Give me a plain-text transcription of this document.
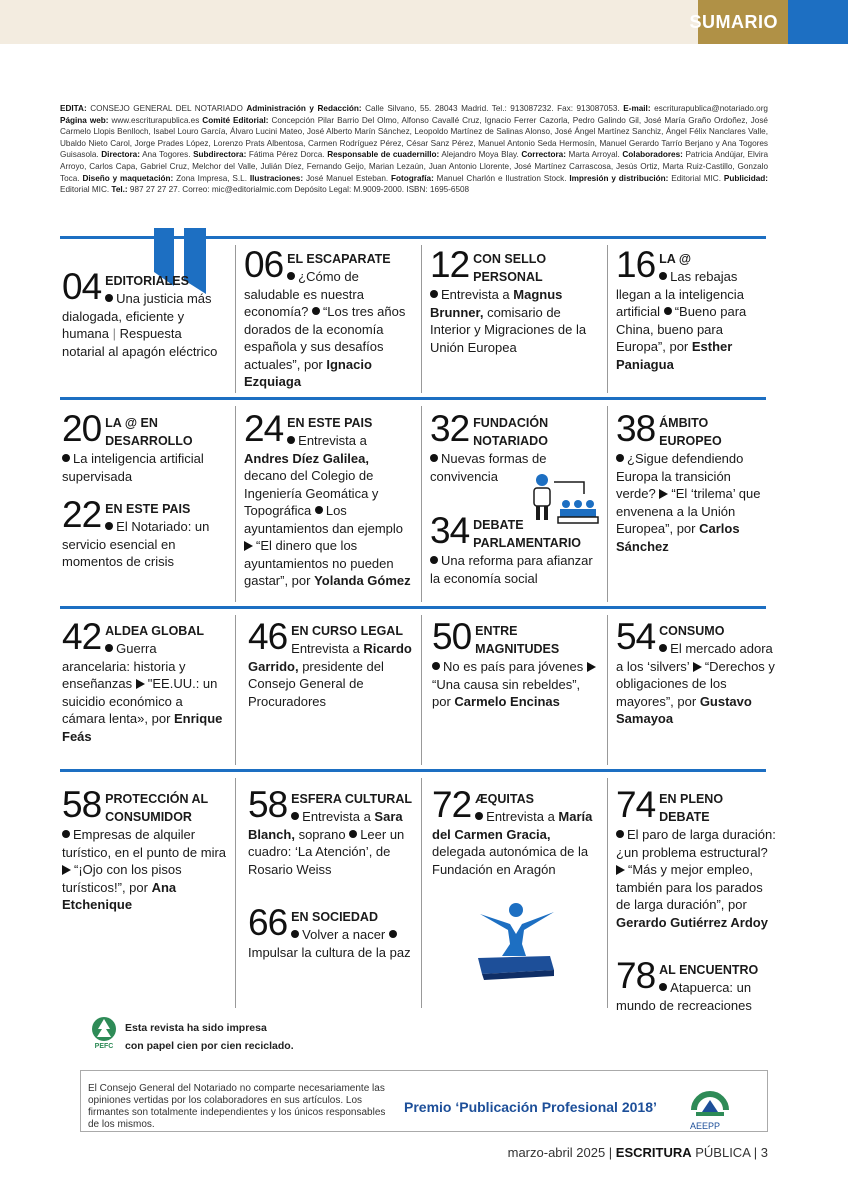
SUMARIO
EDITA: CONSEJO GENERAL DEL NOTARIADO Administración y Redacción: Calle Silvano, 55. 28043 Madrid. Tel.: 913087232. Fax: 913087053. E-mail: escriturapublica@notariado.org Página web: www.escriturapublica.es Comité Editorial: Concepción Pilar Barrio Del Olmo, Alfonso Cavallé Cruz, Ignacio Ferrer Cazorla, Pedro Galindo Gil, José María Graño Ordoñez, José Carmelo Llopis Benlloch, Isabel Louro García, Álvaro Lucini Mateo, José Alberto Marín Sánchez, Leopoldo Martínez de Salinas Alonso, José Ángel Martínez Sanchiz, Ángel Félix Nanclares Valle, Ubaldo Nieto Carol, Jorge Prades López, Lorenzo Prats Albentosa, Carmen Rodríguez Pérez, César Sanz Pérez, Manuel Antonio Seda Hermosín, Manuel Gerardo Tarrío Berjano y Ana Togores Guisasola. Directora: Ana Togores. Subdirectora: Fátima Pérez Dorca. Responsable de cuadernillo: Alejandro Moya Blay. Correctora: Marta Arroyal. Colaboradores: Patricia Andújar, Elvira Arroyo, Carlos Capa, Gabriel Cruz, Melchor del Valle, Julián Díez, Fernando Geijo, Marian Lezaún, Juan Antonio Llorente, José Martínez Carrascosa, Jesús Ortiz, Marta Ruiz-Castillo, Gonzalo Toca. Diseño y maquetación: Zona Impresa, S.L. Ilustraciones: José Manuel Esteban. Fotografía: Manuel Charlón e Ilustration Stock. Impresión y distribución: Editorial MIC. Publicidad: Editorial MIC. Tel.: 987 27 27 27. Correo: mic@editorialmic.com Depósito Legal: M.9009-2000. ISBN: 1695-6508
04 EDITORIALES
Una justicia más dialogada, eficiente y humana | Respuesta notarial al apagón eléctrico
06 EL ESCAPARATE
¿Cómo de saludable es nuestra economía? “Los tres años dorados de la economía española y sus desafíos actuales”, por Ignacio Ezquiaga
12 CON SELLO PERSONAL
Entrevista a Magnus Brunner, comisario de Interior y Migraciones de la Unión Europea
16 LA @
Las rebajas llegan a la inteligencia artificial “Bueno para China, bueno para Europa”, por Esther Paniagua
20 LA @ EN DESARROLLO
La inteligencia artificial supervisada
22 EN ESTE PAIS
El Notariado: un servicio esencial en momentos de crisis
24 EN ESTE PAIS
Entrevista a Andres Díez Galilea, decano del Colegio de Ingeniería Geomática y Topográfica Los ayuntamientos dan ejemplo “El dinero que los ayuntamientos no pueden gastar”, por Yolanda Gómez
32 FUNDACIÓN NOTARIADO
Nuevas formas de convivencia
34 DEBATE PARLAMENTARIO
Una reforma para afianzar la economía social
38 ÁMBITO EUROPEO
¿Sigue defendiendo Europa la transición verde? “El ‘trilema’ que envenena a la Unión Europea”, por Carlos Sánchez
42 ALDEA GLOBAL
Guerra arancelaria: historia y enseñanzas "EE.UU.: un suicidio económico a cámara lenta», por Enrique Feás
46 EN CURSO LEGAL
Entrevista a Ricardo Garrido, presidente del Consejo General de Procuradores
50 ENTRE MAGNITUDES
No es país para jóvenes “Una causa sin rebeldes”, por Carmelo Encinas
54 CONSUMO
El mercado adora a los ‘silvers’ “Derechos y obligaciones de los mayores”, por Gustavo Samayoa
58 PROTECCIÓN AL CONSUMIDOR
Empresas de alquiler turístico, en el punto de mira “¡Ojo con los pisos turísticos!”, por Ana Etchenique
58 ESFERA CULTURAL
Entrevista a Sara Blanch, soprano Leer un cuadro: ‘La Atención’, de Rosario Weiss
66 EN SOCIEDAD
Volver a nacer Impulsar la cultura de la paz
72 ÆQUITAS
Entrevista a María del Carmen Gracia, delegada autonómica de la Fundación en Aragón
74 EN PLENO DEBATE
El paro de larga duración: ¿un problema estructural? “Más y mejor empleo, también para los parados de larga duración”, por Gerardo Gutiérrez Ardoy
78 AL ENCUENTRO
Atapuerca: un mundo de recreaciones
PEFC
Esta revista ha sido impresa
con papel cien por cien reciclado.
El Consejo General del Notariado no comparte necesariamente las opiniones vertidas por los colaboradores en sus artículos. Los firmantes son totalmente independientes y los únicos responsables de los mismos.
Premio ‘Publicación Profesional 2018’
AEEPP
marzo-abril 2025 | ESCRITURA PÚBLICA | 3
